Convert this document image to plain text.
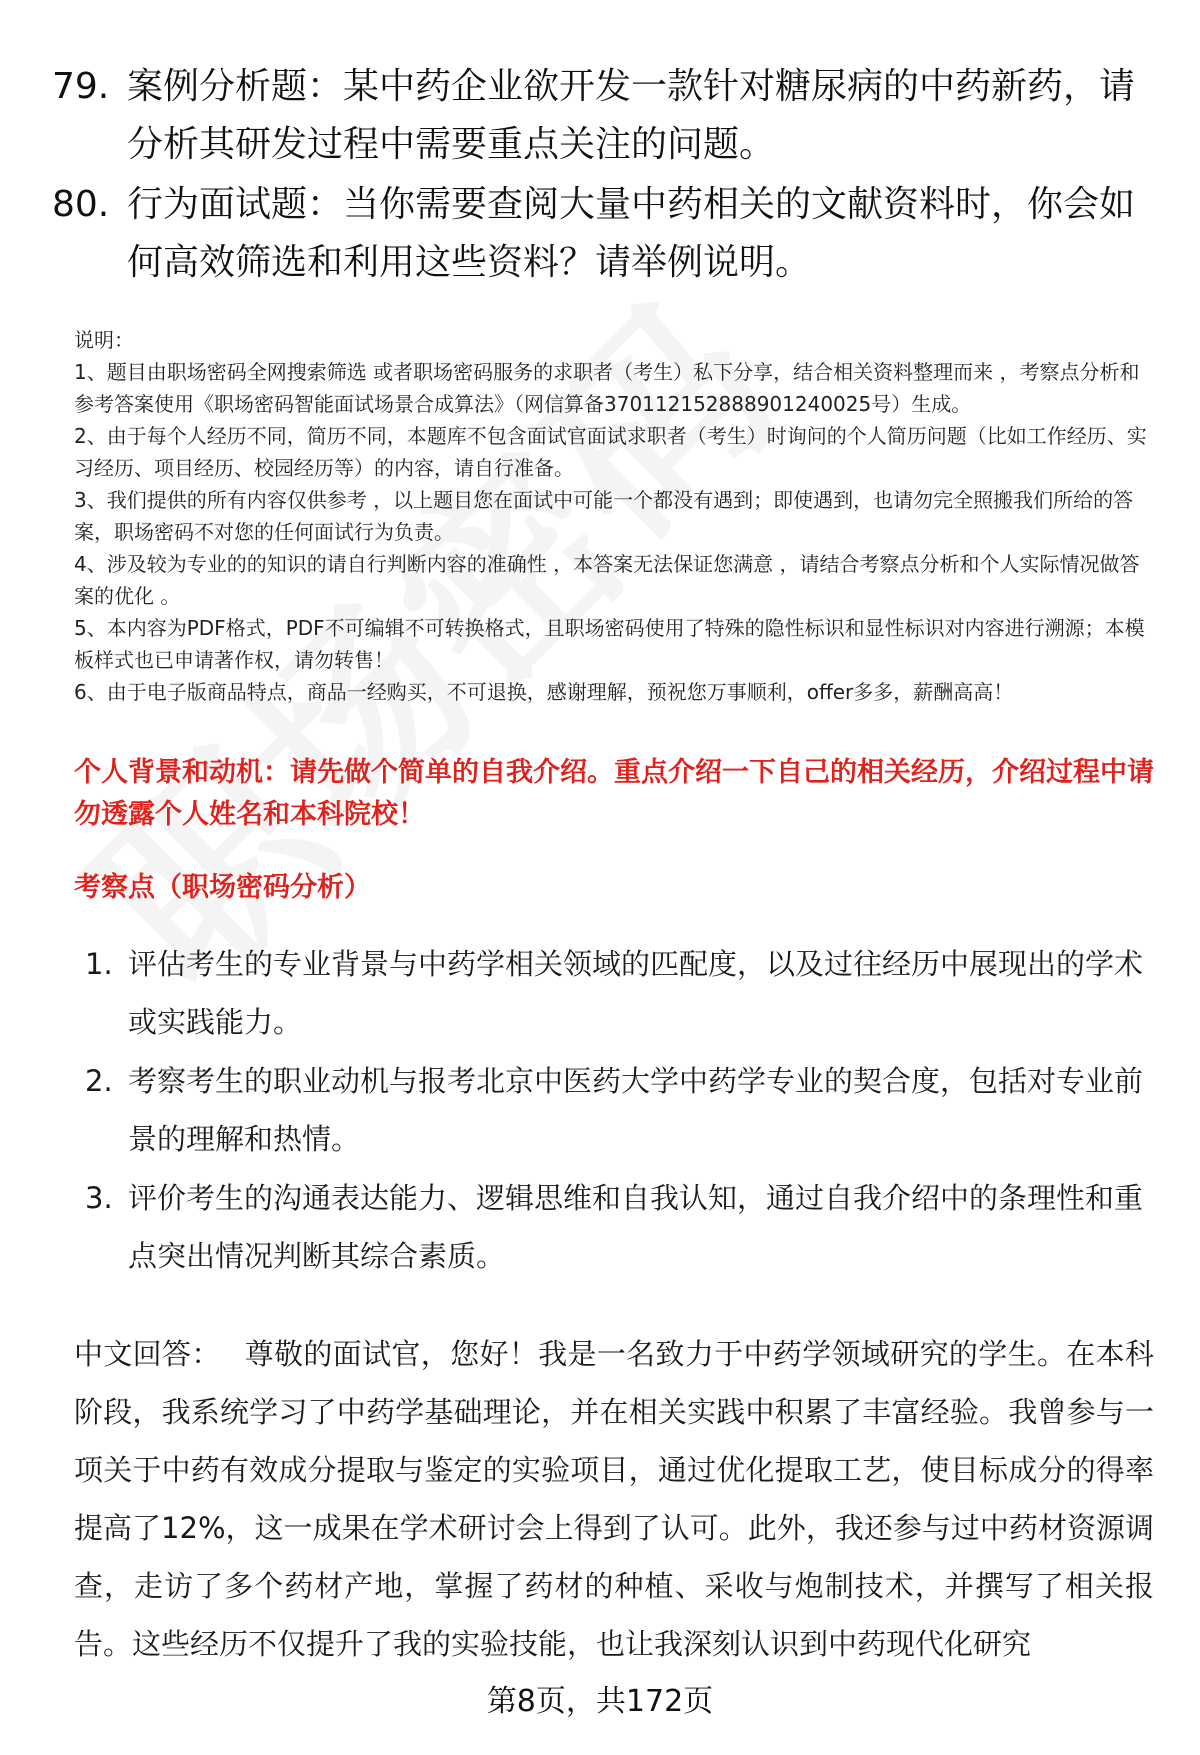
79. 案例分析题：某中药企业欲开发一款针对糖尿病的中药新药，请分析其研发过程中需要重点关注的问题。
80. 行为面试题：当你需要查阅大量中药相关的文献资料时，你会如何高效筛选和利用这些资料？请举例说明。

说明：

1、题目由职场密码全网搜索筛选 或者职场密码服务的求职者（考生）私下分享，结合相关资料整理而来 ，考察点分析和参考答案使用《职场密码智能面试场景合成算法》（网信算备370112152888901240025号）生成。

2、由于每个人经历不同，简历不同，本题库不包含面试官面试求职者（考生）时询问的个人简历问题（比如工作经历、实习经历、项目经历、校园经历等）的内容，请自行准备。

3、我们提供的所有内容仅供参考 ，以上题目您在面试中可能一个都没有遇到；即使遇到，也请勿完全照搬我们所给的答案，职场密码不对您的任何面试行为负责。

4、涉及较为专业的的知识的请自行判断内容的准确性 ，本答案无法保证您满意 ，请结合考察点分析和个人实际情况做答案的优化 。

5、本内容为PDF格式，PDF不可编辑不可转换格式，且职场密码使用了特殊的隐性标识和显性标识对内容进行溯源；本模板样式也已申请著作权，请勿转售！

6、由于电子版商品特点，商品一经购买，不可退换，感谢理解，预祝您万事顺利，offer多多，薪酬高高！

个人背景和动机：请先做个简单的自我介绍。重点介绍一下自己的相关经历，介绍过程中请勿透露个人姓名和本科院校！
考察点（职场密码分析）
1. 评估考生的专业背景与中药学相关领域的匹配度，以及过往经历中展现出的学术或实践能力。
2. 考察考生的职业动机与报考北京中医药大学中药学专业的契合度，包括对专业前景的理解和热情。
3. 评价考生的沟通表达能力、逻辑思维和自我认知，通过自我介绍中的条理性和重点突出情况判断其综合素质。
中文回答： 尊敬的面试官，您好！我是一名致力于中药学领域研究的学生。在本科阶段，我系统学习了中药学基础理论，并在相关实践中积累了丰富经验。我曾参与一项关于中药有效成分提取与鉴定的实验项目，通过优化提取工艺，使目标成分的得率提高了12%，这一成果在学术研讨会上得到了认可。此外，我还参与过中药材资源调查，走访了多个药材产地，掌握了药材的种植、采收与炮制技术，并撰写了相关报告。这些经历不仅提升了我的实验技能，也让我深刻认识到中药现代化研究
第8页，共172页
